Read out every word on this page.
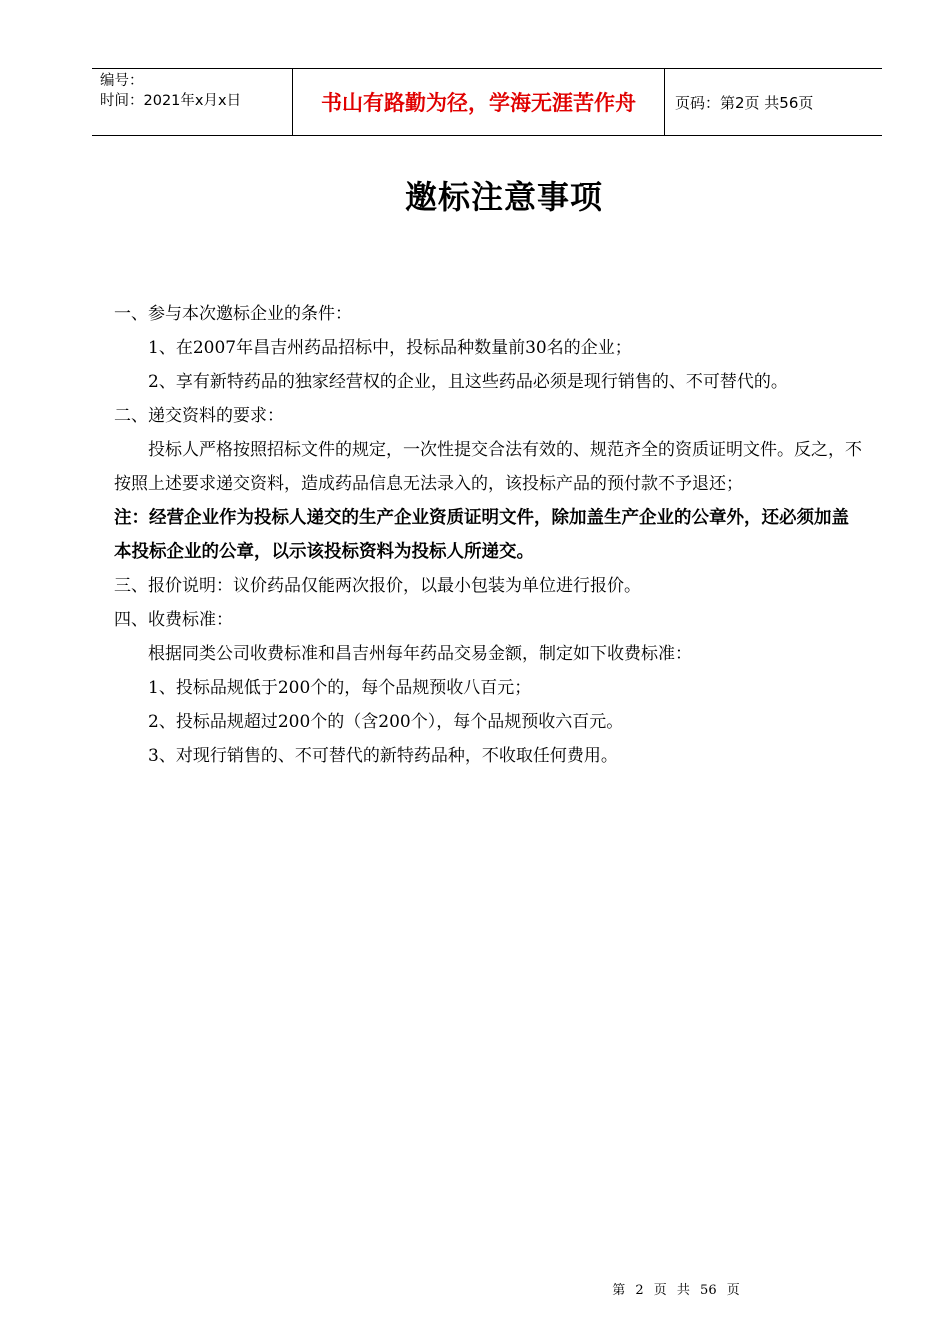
编号：
时间：2021年x月x日	书山有路勤为径，学海无涯苦作舟	页码：第2页 共56页
邀标注意事项

一、参与本次邀标企业的条件：

1、在2007年昌吉州药品招标中，投标品种数量前30名的企业；

2、享有新特药品的独家经营权的企业，且这些药品必须是现行销售的、不可替代的。

二、递交资料的要求：

投标人严格按照招标文件的规定，一次性提交合法有效的、规范齐全的资质证明文件。反之，不按照上述要求递交资料，造成药品信息无法录入的，该投标产品的预付款不予退还；

注：经营企业作为投标人递交的生产企业资质证明文件，除加盖生产企业的公章外，还必须加盖本投标企业的公章，以示该投标资料为投标人所递交。

三、报价说明：议价药品仅能两次报价，以最小包装为单位进行报价。

四、收费标准：

根据同类公司收费标准和昌吉州每年药品交易金额，制定如下收费标准：

1、投标品规低于200个的，每个品规预收八百元；

2、投标品规超过200个的（含200个），每个品规预收六百元。

3、对现行销售的、不可替代的新特药品种，不收取任何费用。

第 2 页 共 56 页
